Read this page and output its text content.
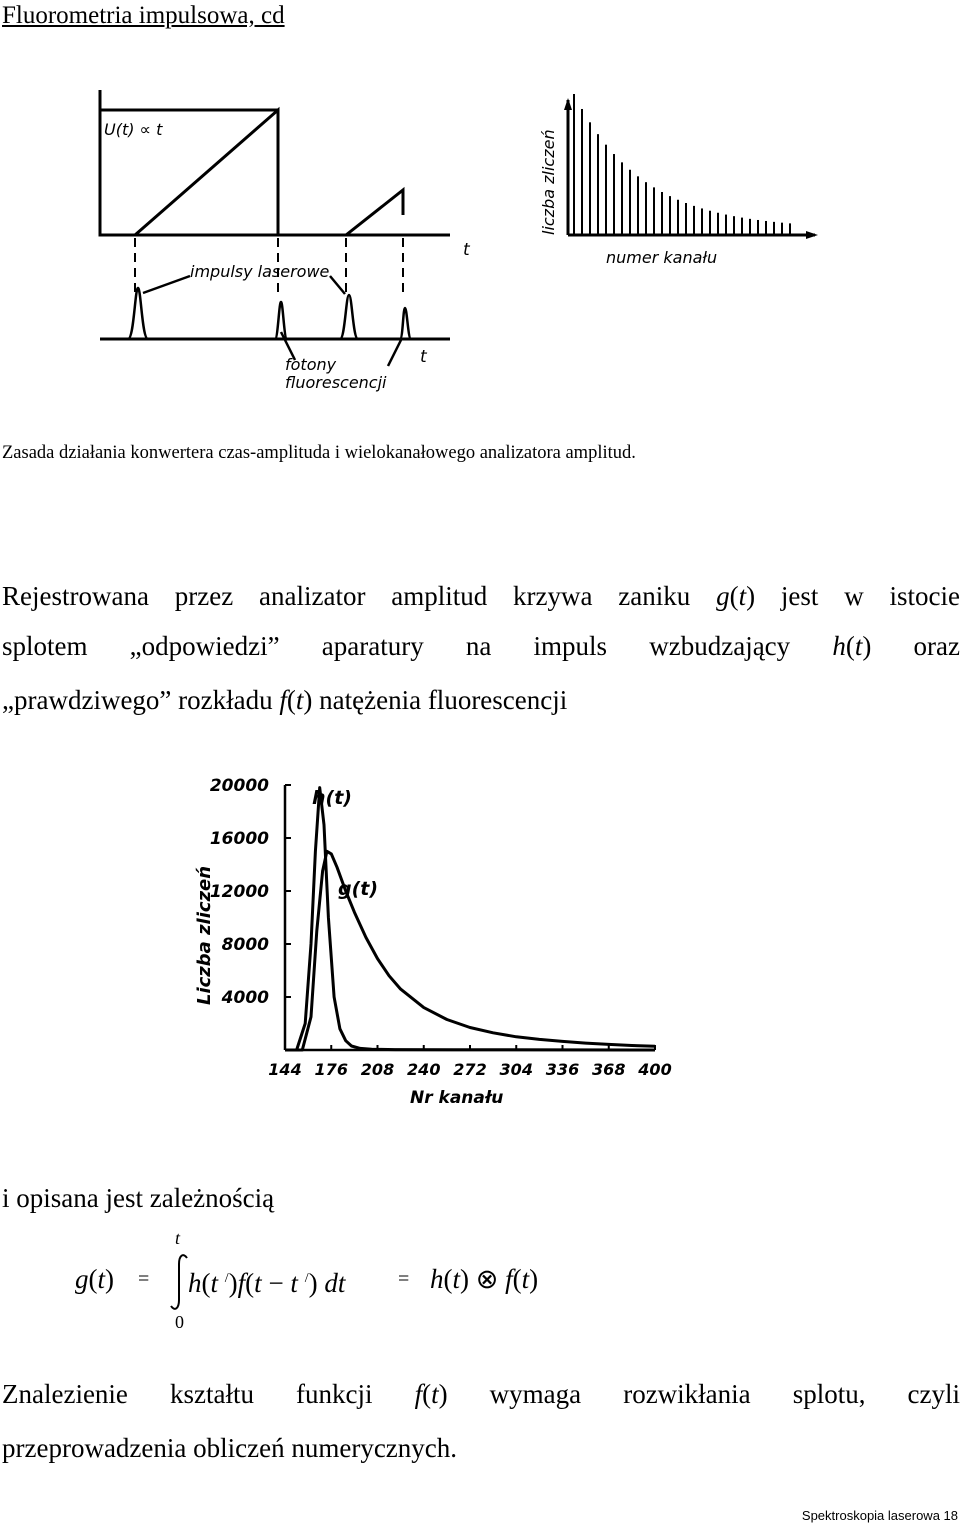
Fluorometria impulsowa, cd
U(t) ∝ t
impulsy laserowe
fotony
fluorescencji
t
t
liczba zliczeń
numer kanału
Zasada działania konwertera czas-amplituda i wielokanałowego analizatora amplitud.
Rejestrowana przez analizator amplitud krzywa zaniku g(t) jest w istocie
splotem „odpowiedzi” aparatury na impuls wzbudzający h(t) oraz
„prawdziwego” rozkładu f(t) natężenia fluorescencji
4000
8000
12000
16000
20000
144 176 208 240 272 304 336 368 400
h(t)
g(t)
Nr kanału
Liczba zliczeń
i opisana jest zależnością
g(t) =
t
0
h(t /)f(t − t /) dt	= h(t) ⊗ f(t)
Znalezienie kształtu funkcji f(t) wymaga rozwikłania splotu, czyli
przeprowadzenia obliczeń numerycznych.
Spektroskopia laserowa 18
